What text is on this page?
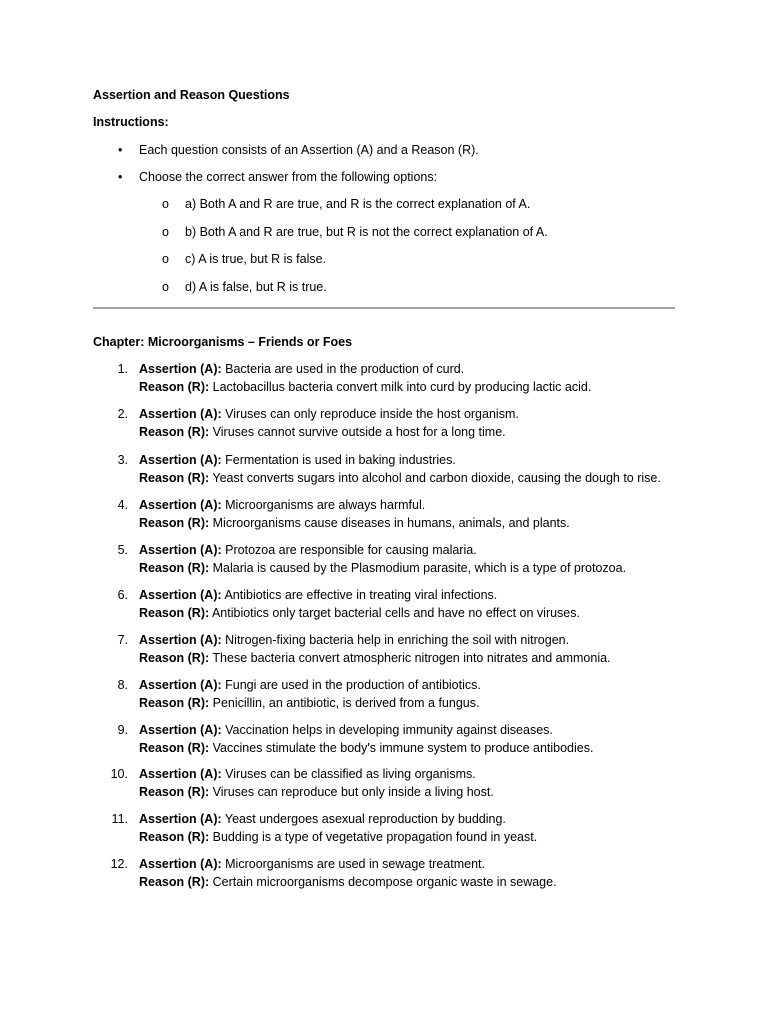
Assertion and Reason Questions
Instructions:
• Each question consists of an Assertion (A) and a Reason (R).
• Choose the correct answer from the following options:
o a) Both A and R are true, and R is the correct explanation of A.
o b) Both A and R are true, but R is not the correct explanation of A.
o c) A is true, but R is false.
o d) A is false, but R is true.
Chapter: Microorganisms – Friends or Foes
1. Assertion (A): Bacteria are used in the production of curd.
Reason (R): Lactobacillus bacteria convert milk into curd by producing lactic acid.
2. Assertion (A): Viruses can only reproduce inside the host organism.
Reason (R): Viruses cannot survive outside a host for a long time.
3. Assertion (A): Fermentation is used in baking industries.
Reason (R): Yeast converts sugars into alcohol and carbon dioxide, causing the dough to rise.
4. Assertion (A): Microorganisms are always harmful.
Reason (R): Microorganisms cause diseases in humans, animals, and plants.
5. Assertion (A): Protozoa are responsible for causing malaria.
Reason (R): Malaria is caused by the Plasmodium parasite, which is a type of protozoa.
6. Assertion (A): Antibiotics are effective in treating viral infections.
Reason (R): Antibiotics only target bacterial cells and have no effect on viruses.
7. Assertion (A): Nitrogen-fixing bacteria help in enriching the soil with nitrogen.
Reason (R): These bacteria convert atmospheric nitrogen into nitrates and ammonia.
8. Assertion (A): Fungi are used in the production of antibiotics.
Reason (R): Penicillin, an antibiotic, is derived from a fungus.
9. Assertion (A): Vaccination helps in developing immunity against diseases.
Reason (R): Vaccines stimulate the body's immune system to produce antibodies.
10. Assertion (A): Viruses can be classified as living organisms.
Reason (R): Viruses can reproduce but only inside a living host.
11. Assertion (A): Yeast undergoes asexual reproduction by budding.
Reason (R): Budding is a type of vegetative propagation found in yeast.
12. Assertion (A): Microorganisms are used in sewage treatment.
Reason (R): Certain microorganisms decompose organic waste in sewage.
